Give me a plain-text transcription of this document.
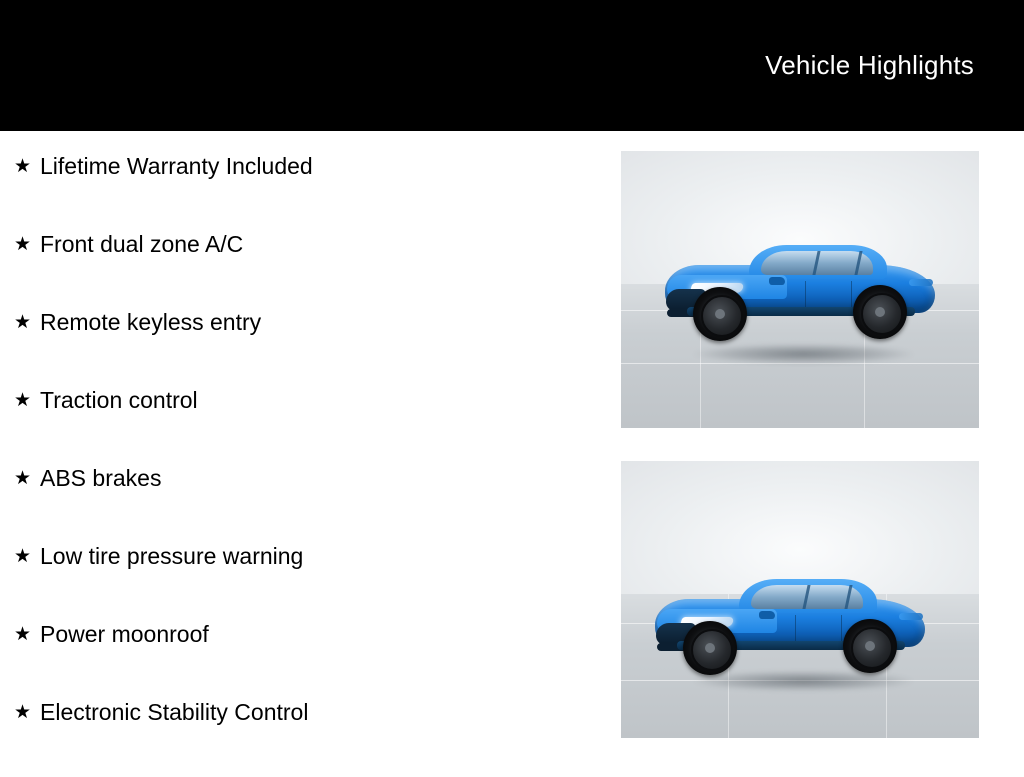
Vehicle Highlights
★ Lifetime Warranty Included
★ Front dual zone A/C
★ Remote keyless entry
★ Traction control
★ ABS brakes
★ Low tire pressure warning
★ Power moonroof
★ Electronic Stability Control
